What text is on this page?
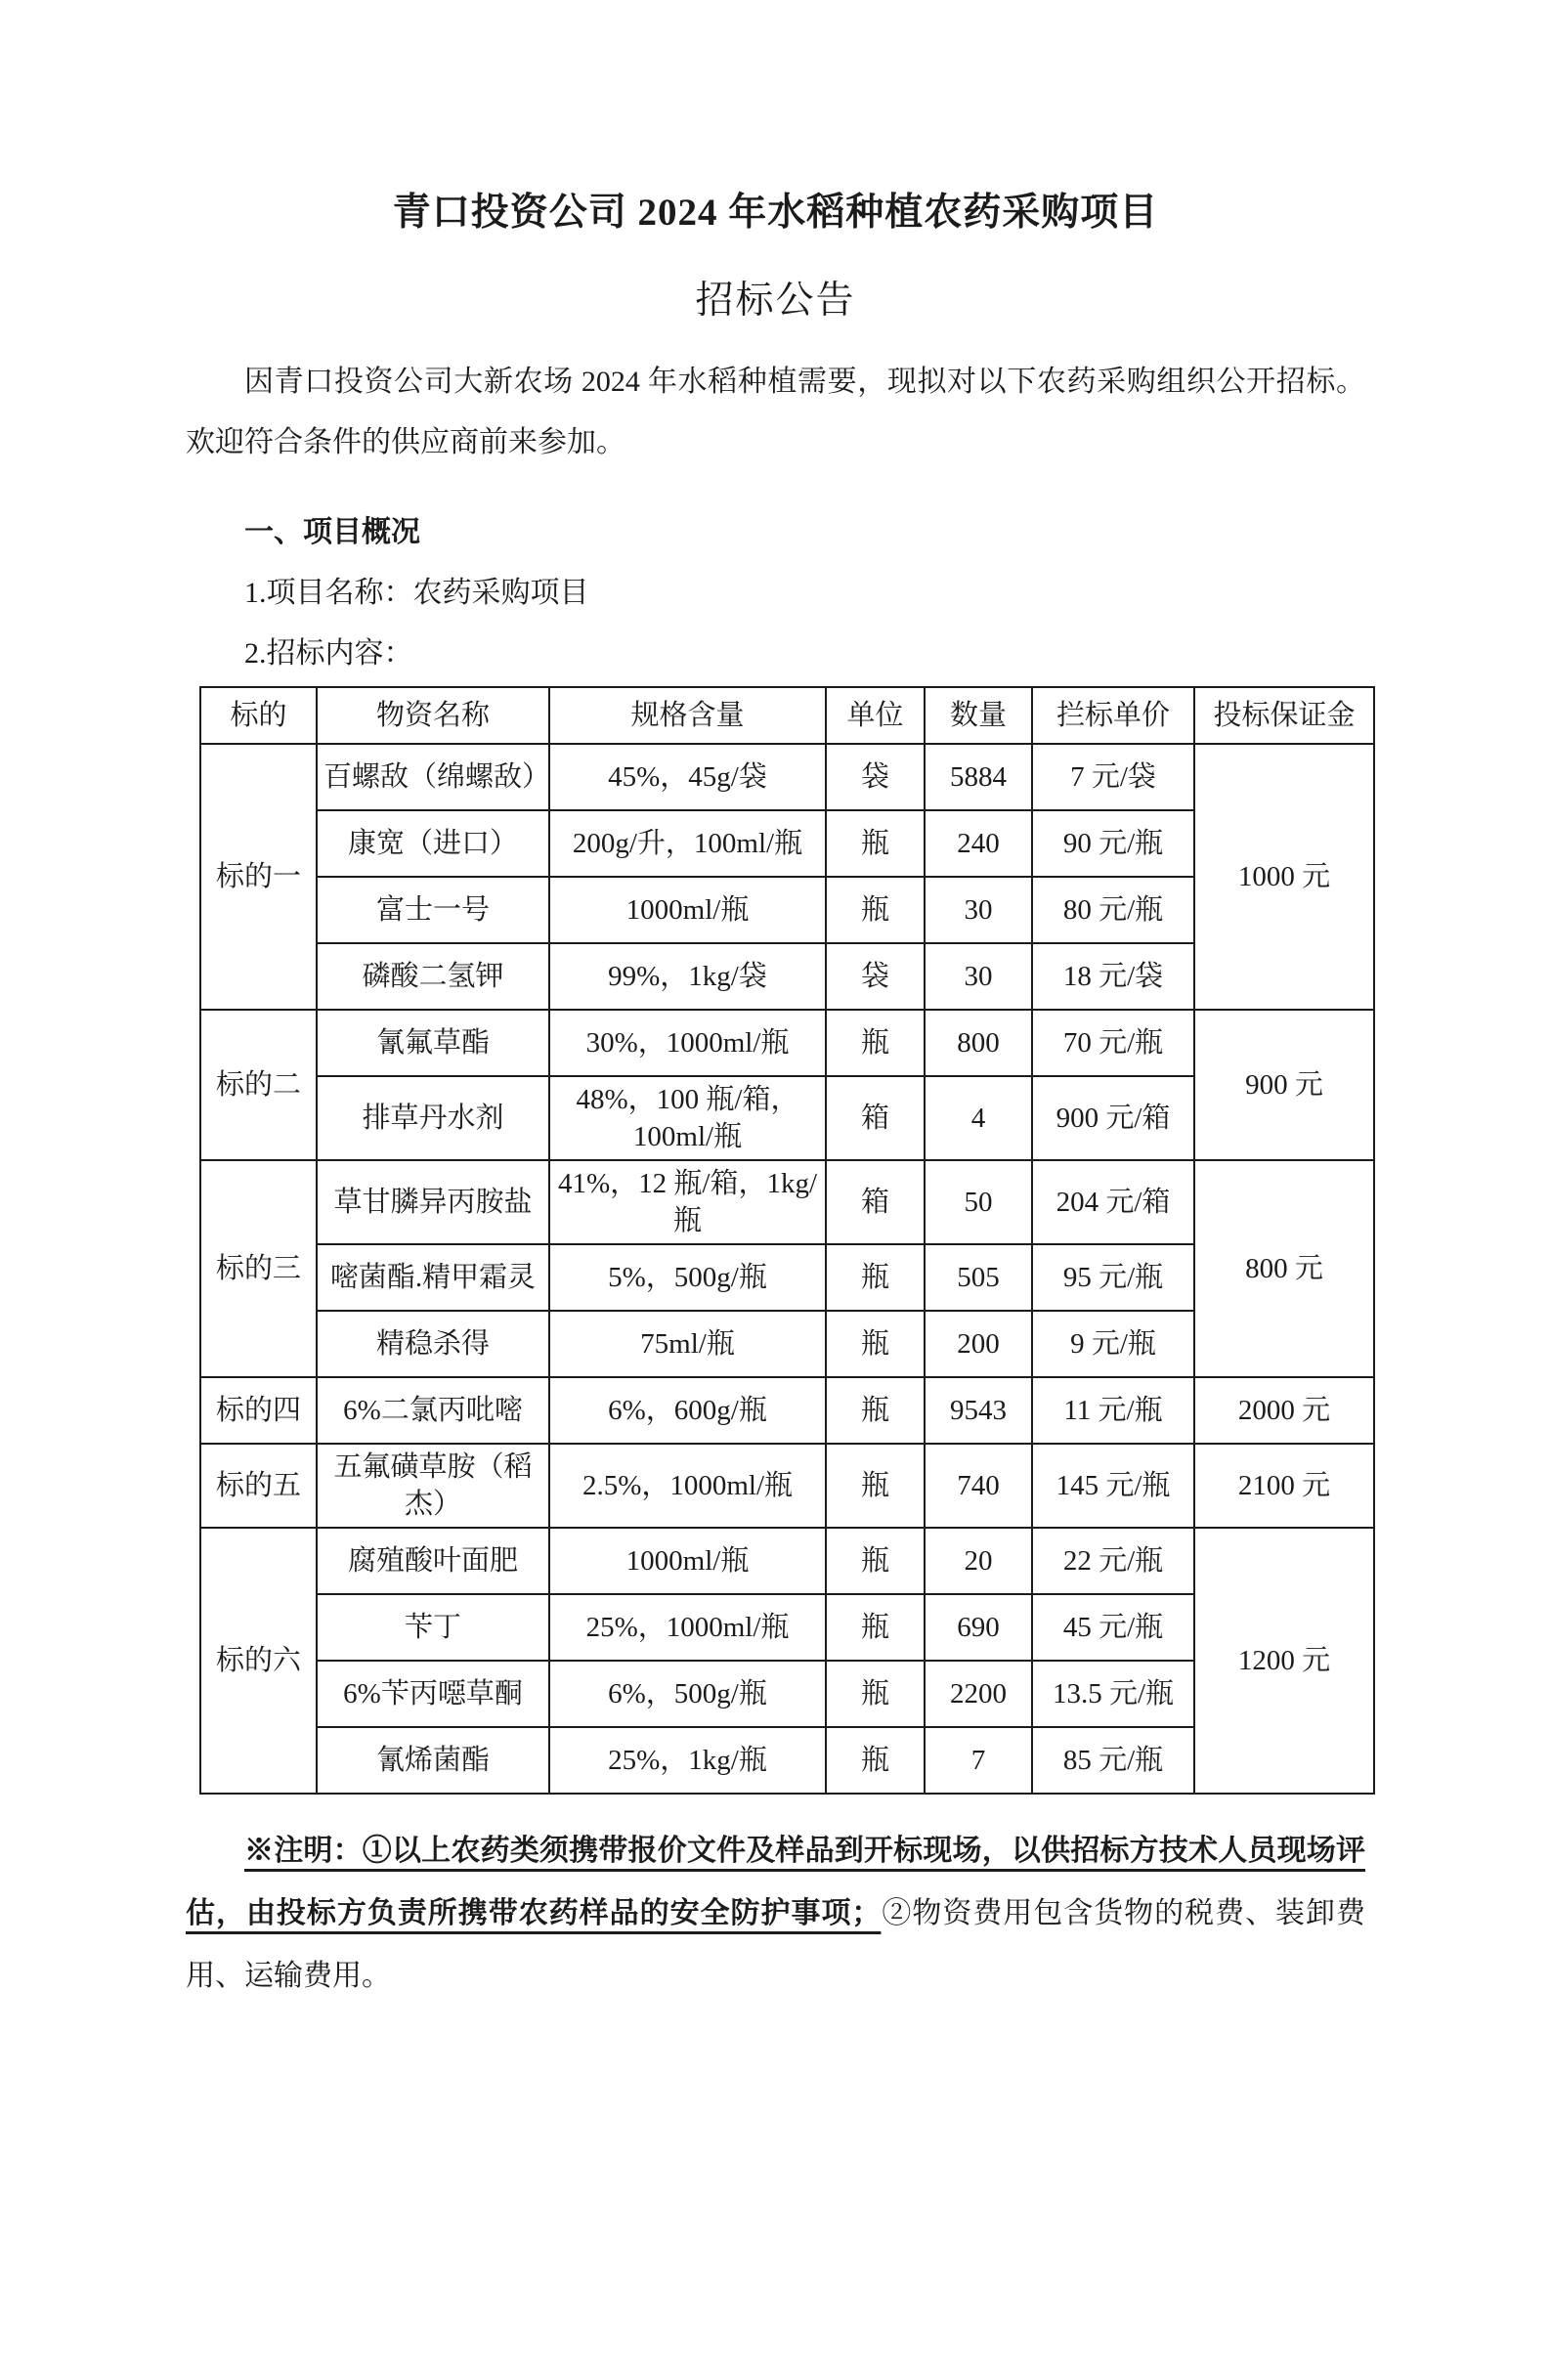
青口投资公司 2024 年水稻种植农药采购项目
招标公告

因青口投资公司大新农场 2024 年水稻种植需要，现拟对以下农药采购组织公开招标。欢迎符合条件的供应商前来参加。

一、项目概况
1.项目名称：农药采购项目
2.招标内容：
标的	物资名称	规格含量	单位	数量	拦标单价	投标保证金
标的一	百螺敌（绵螺敌）	45%，45g/袋	袋	5884	7 元/袋	1000 元
	康宽（进口）	200g/升，100ml/瓶	瓶	240	90 元/瓶	
	富士一号	1000ml/瓶	瓶	30	80 元/瓶	
	磷酸二氢钾	99%，1kg/袋	袋	30	18 元/袋	
标的二	氰氟草酯	30%，1000ml/瓶	瓶	800	70 元/瓶	900 元
	排草丹水剂	48%，100 瓶/箱，100ml/瓶	箱	4	900 元/箱	
标的三	草甘膦异丙胺盐	41%，12 瓶/箱，1kg/瓶	箱	50	204 元/箱	800 元
	嘧菌酯.精甲霜灵	5%，500g/瓶	瓶	505	95 元/瓶	
	精稳杀得	75ml/瓶	瓶	200	9 元/瓶	
标的四	6%二氯丙吡嘧	6%，600g/瓶	瓶	9543	11 元/瓶	2000 元
标的五	五氟磺草胺（稻杰）	2.5%，1000ml/瓶	瓶	740	145 元/瓶	2100 元
标的六	腐殖酸叶面肥	1000ml/瓶	瓶	20	22 元/瓶	1200 元
	苄丁	25%，1000ml/瓶	瓶	690	45 元/瓶	
	6%苄丙噁草酮	6%，500g/瓶	瓶	2200	13.5 元/瓶	
	氰烯菌酯	25%，1kg/瓶	瓶	7	85 元/瓶	

※注明：①以上农药类须携带报价文件及样品到开标现场，以供招标方技术人员现场评估，由投标方负责所携带农药样品的安全防护事项；②物资费用包含货物的税费、装卸费用、运输费用。
